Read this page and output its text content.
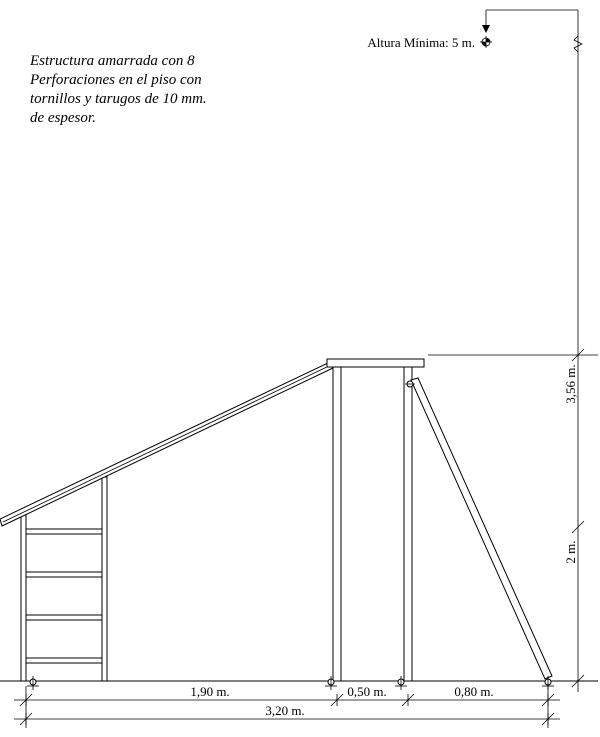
Estructura amarrada con 8 Perforaciones en el piso con tornillos y tarugos de 10 mm. de espesor.
Altura Mínima: 5 m.
1,90 m.	0,50 m.	0,80 m.
3,20 m.
3,56 m.
2 m.
